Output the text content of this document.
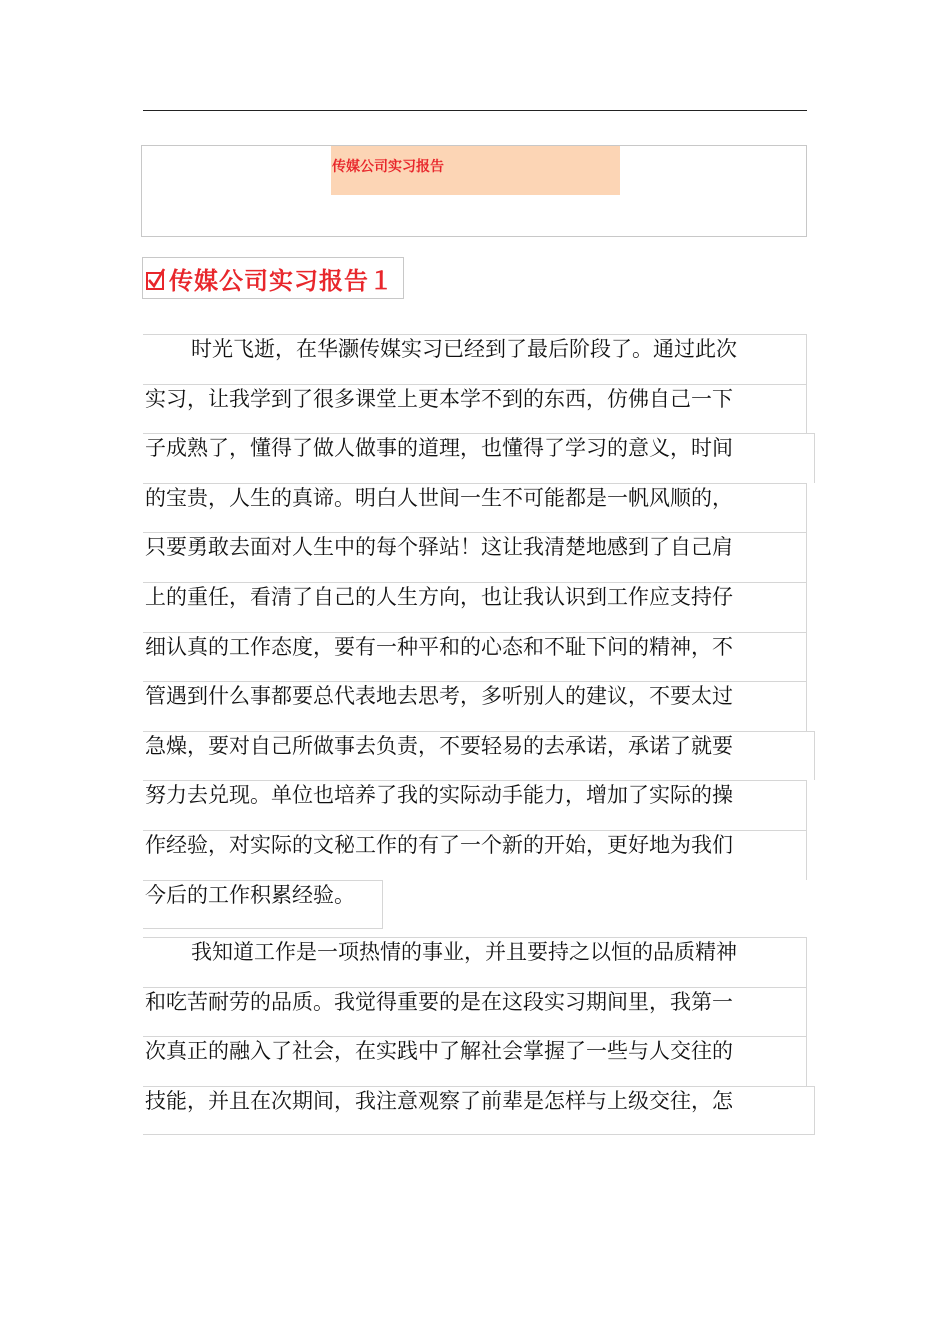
传媒公司实习报告
传媒公司实习报告１
时光飞逝，在华灏传媒实习已经到了最后阶段了。通过此次
实习，让我学到了很多课堂上更本学不到的东西，仿佛自己一下
子成熟了，懂得了做人做事的道理，也懂得了学习的意义，时间
的宝贵，人生的真谛。明白人世间一生不可能都是一帆风顺的，
只要勇敢去面对人生中的每个驿站！这让我清楚地感到了自己肩
上的重任，看清了自己的人生方向，也让我认识到工作应支持仔
细认真的工作态度，要有一种平和的心态和不耻下问的精神，不
管遇到什么事都要总代表地去思考，多听别人的建议，不要太过
急燥，要对自己所做事去负责，不要轻易的去承诺，承诺了就要
努力去兑现。单位也培养了我的实际动手能力，增加了实际的操
作经验，对实际的文秘工作的有了一个新的开始，更好地为我们
今后的工作积累经验。
我知道工作是一项热情的事业，并且要持之以恒的品质精神
和吃苦耐劳的品质。我觉得重要的是在这段实习期间里，我第一
次真正的融入了社会，在实践中了解社会掌握了一些与人交往的
技能，并且在次期间，我注意观察了前辈是怎样与上级交往，怎
